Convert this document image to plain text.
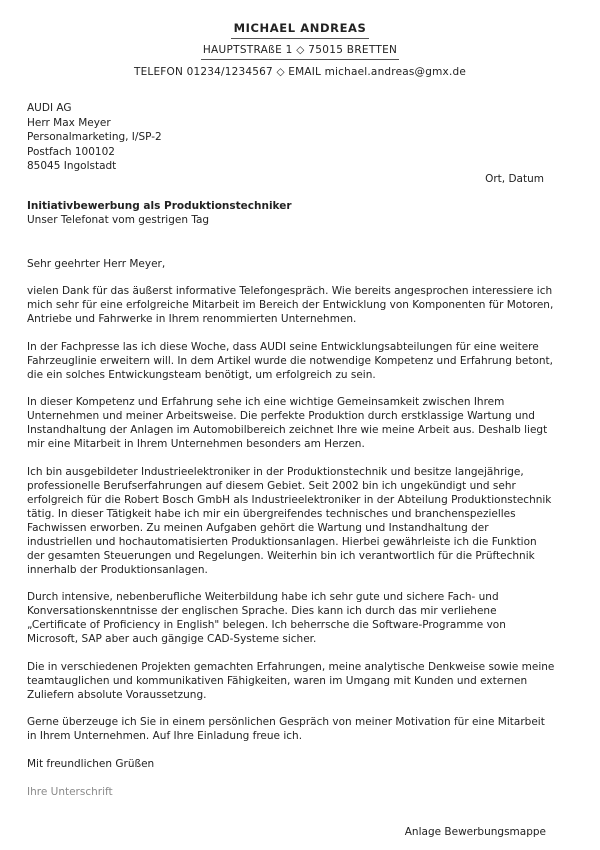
MICHAEL ANDREAS
HAUPTSTRAßE 1 ◇ 75015 BRETTEN
TELEFON 01234/1234567 ◇ EMAIL michael.andreas@gmx.de
AUDI AG
Herr Max Meyer
Personalmarketing, I/SP-2
Postfach 100102
85045 Ingolstadt
Ort, Datum
Initiativbewerbung als Produktionstechniker
Unser Telefonat vom gestrigen Tag

Sehr geehrter Herr Meyer,

vielen Dank für das äußerst informative Telefongespräch. Wie bereits angesprochen interessiere ich mich sehr für eine erfolgreiche Mitarbeit im Bereich der Entwicklung von Komponenten für Motoren, Antriebe und Fahrwerke in Ihrem renommierten Unternehmen.

In der Fachpresse las ich diese Woche, dass AUDI seine Entwicklungsabteilungen für eine weitere Fahrzeuglinie erweitern will. In dem Artikel wurde die notwendige Kompetenz und Erfahrung betont, die ein solches Entwickungsteam benötigt, um erfolgreich zu sein.

In dieser Kompetenz und Erfahrung sehe ich eine wichtige Gemeinsamkeit zwischen Ihrem Unternehmen und meiner Arbeitsweise. Die perfekte Produktion durch erstklassige Wartung und Instandhaltung der Anlagen im Automobilbereich zeichnet Ihre wie meine Arbeit aus. Deshalb liegt mir eine Mitarbeit in Ihrem Unternehmen besonders am Herzen.

Ich bin ausgebildeter Industrieelektroniker in der Produktionstechnik und besitze langejährige, professionelle Berufserfahrungen auf diesem Gebiet. Seit 2002 bin ich ungekündigt und sehr erfolgreich für die Robert Bosch GmbH als Industrieelektroniker in der Abteilung Produktionstechnik tätig. In dieser Tätigkeit habe ich mir ein übergreifendes technisches und branchenspezielles Fachwissen erworben. Zu meinen Aufgaben gehört die Wartung und Instandhaltung der industriellen und hochautomatisierten Produktionsanlagen. Hierbei gewährleiste ich die Funktion der gesamten Steuerungen und Regelungen. Weiterhin bin ich verantwortlich für die Prüftechnik innerhalb der Produktionsanlagen.

Durch intensive, nebenberufliche Weiterbildung habe ich sehr gute und sichere Fach- und Konversationskenntnisse der englischen Sprache. Dies kann ich durch das mir verliehene „Certificate of Proficiency in English" belegen. Ich beherrsche die Software-Programme von Microsoft, SAP aber auch gängige CAD-Systeme sicher.

Die in verschiedenen Projekten gemachten Erfahrungen, meine analytische Denkweise sowie meine teamtauglichen und kommunikativen Fähigkeiten, waren im Umgang mit Kunden und externen Zuliefern absolute Voraussetzung.

Gerne überzeuge ich Sie in einem persönlichen Gespräch von meiner Motivation für eine Mitarbeit in Ihrem Unternehmen. Auf Ihre Einladung freue ich.

Mit freundlichen Grüßen

Ihre Unterschrift

Anlage Bewerbungsmappe
